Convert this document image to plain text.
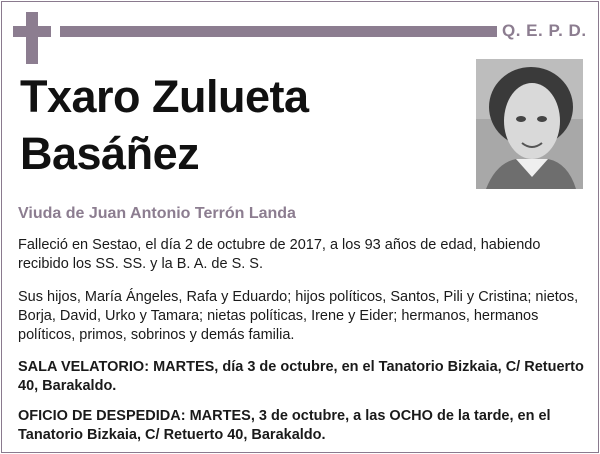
Q. E. P. D.
Txaro Zulueta
Basáñez
Viuda de Juan Antonio Terrón Landa

Falleció en Sestao, el día 2 de octubre de 2017, a los 93 años de edad, habiendo recibido los SS. SS. y la B. A. de S. S.

Sus hijos, María Ángeles, Rafa y Eduardo; hijos políticos, Santos, Pili y Cristina; nietos, Borja, David, Urko y Tamara; nietas políticas, Irene y Eider; hermanos, hermanos políticos, primos, sobrinos y demás familia.

SALA VELATORIO: MARTES, día 3 de octubre, en el Tanatorio Bizkaia, C/ Retuerto 40, Barakaldo.

OFICIO DE DESPEDIDA: MARTES, 3 de octubre, a las OCHO de la tarde, en el Tanatorio Bizkaia, C/ Retuerto 40, Barakaldo.
